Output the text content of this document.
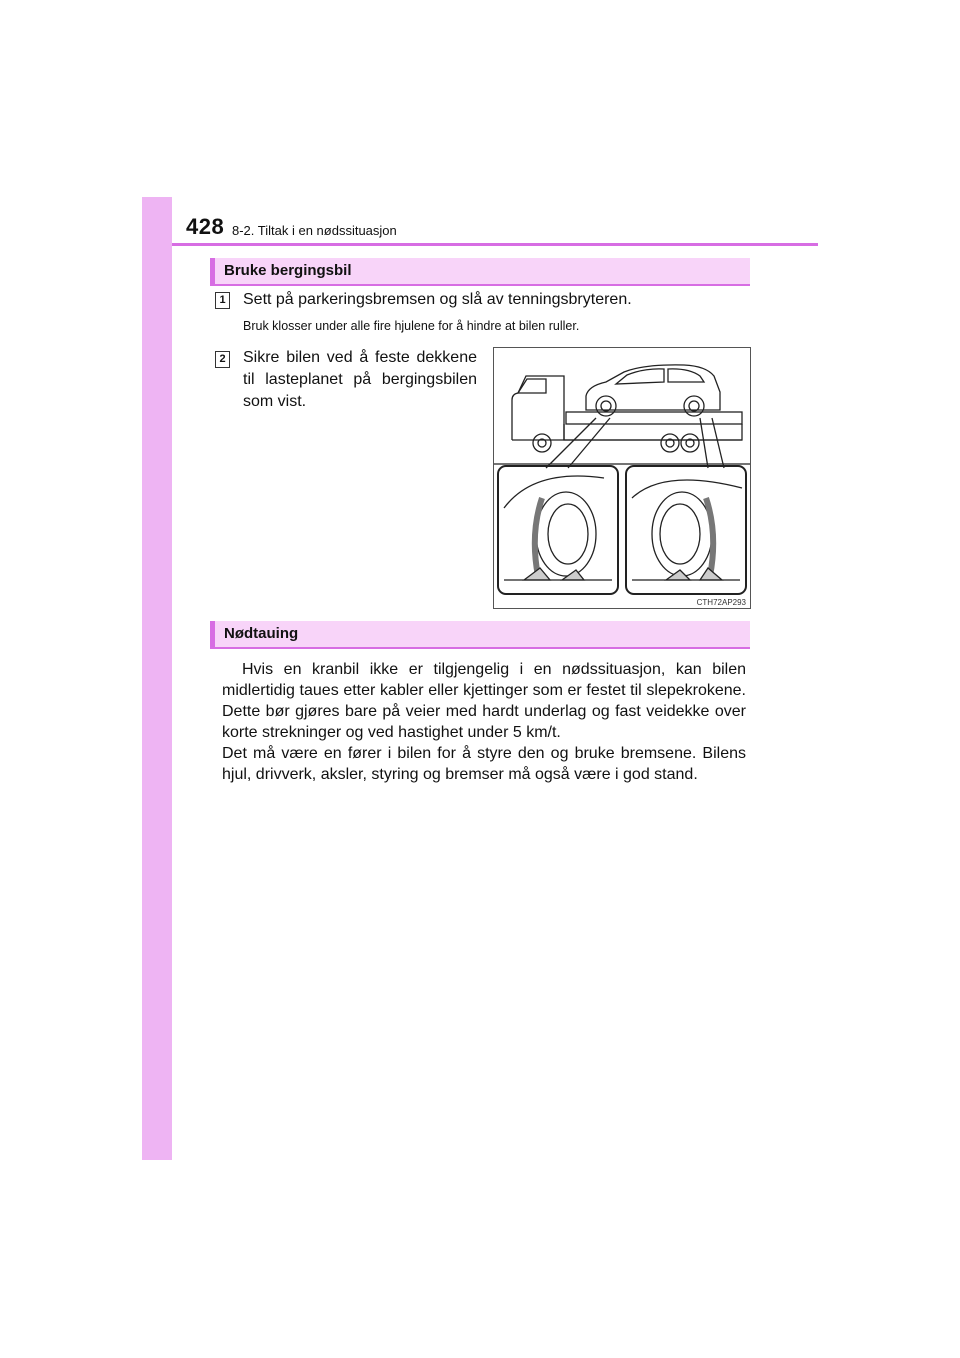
428 8-2. Tiltak i en nødssituasjon
Bruke bergingsbil
1 Sett på parkeringsbremsen og slå av tenningsbryteren.
Bruk klosser under alle fire hjulene for å hindre at bilen ruller.
2 Sikre bilen ved å feste dekkene
til lasteplanet på bergingsbilen
som vist.
CTH72AP293
Nødtauing

Hvis en kranbil ikke er tilgjengelig i en nødssituasjon, kan bilen midlertidig taues etter kabler eller kjettinger som er festet til slepekrokene. Dette bør gjøres bare på veier med hardt underlag og fast veidekke over korte strekninger og ved hastighet under 5 km/t.

Det må være en fører i bilen for å styre den og bruke bremsene. Bilens hjul, drivverk, aksler, styring og bremser må også være i god stand.
